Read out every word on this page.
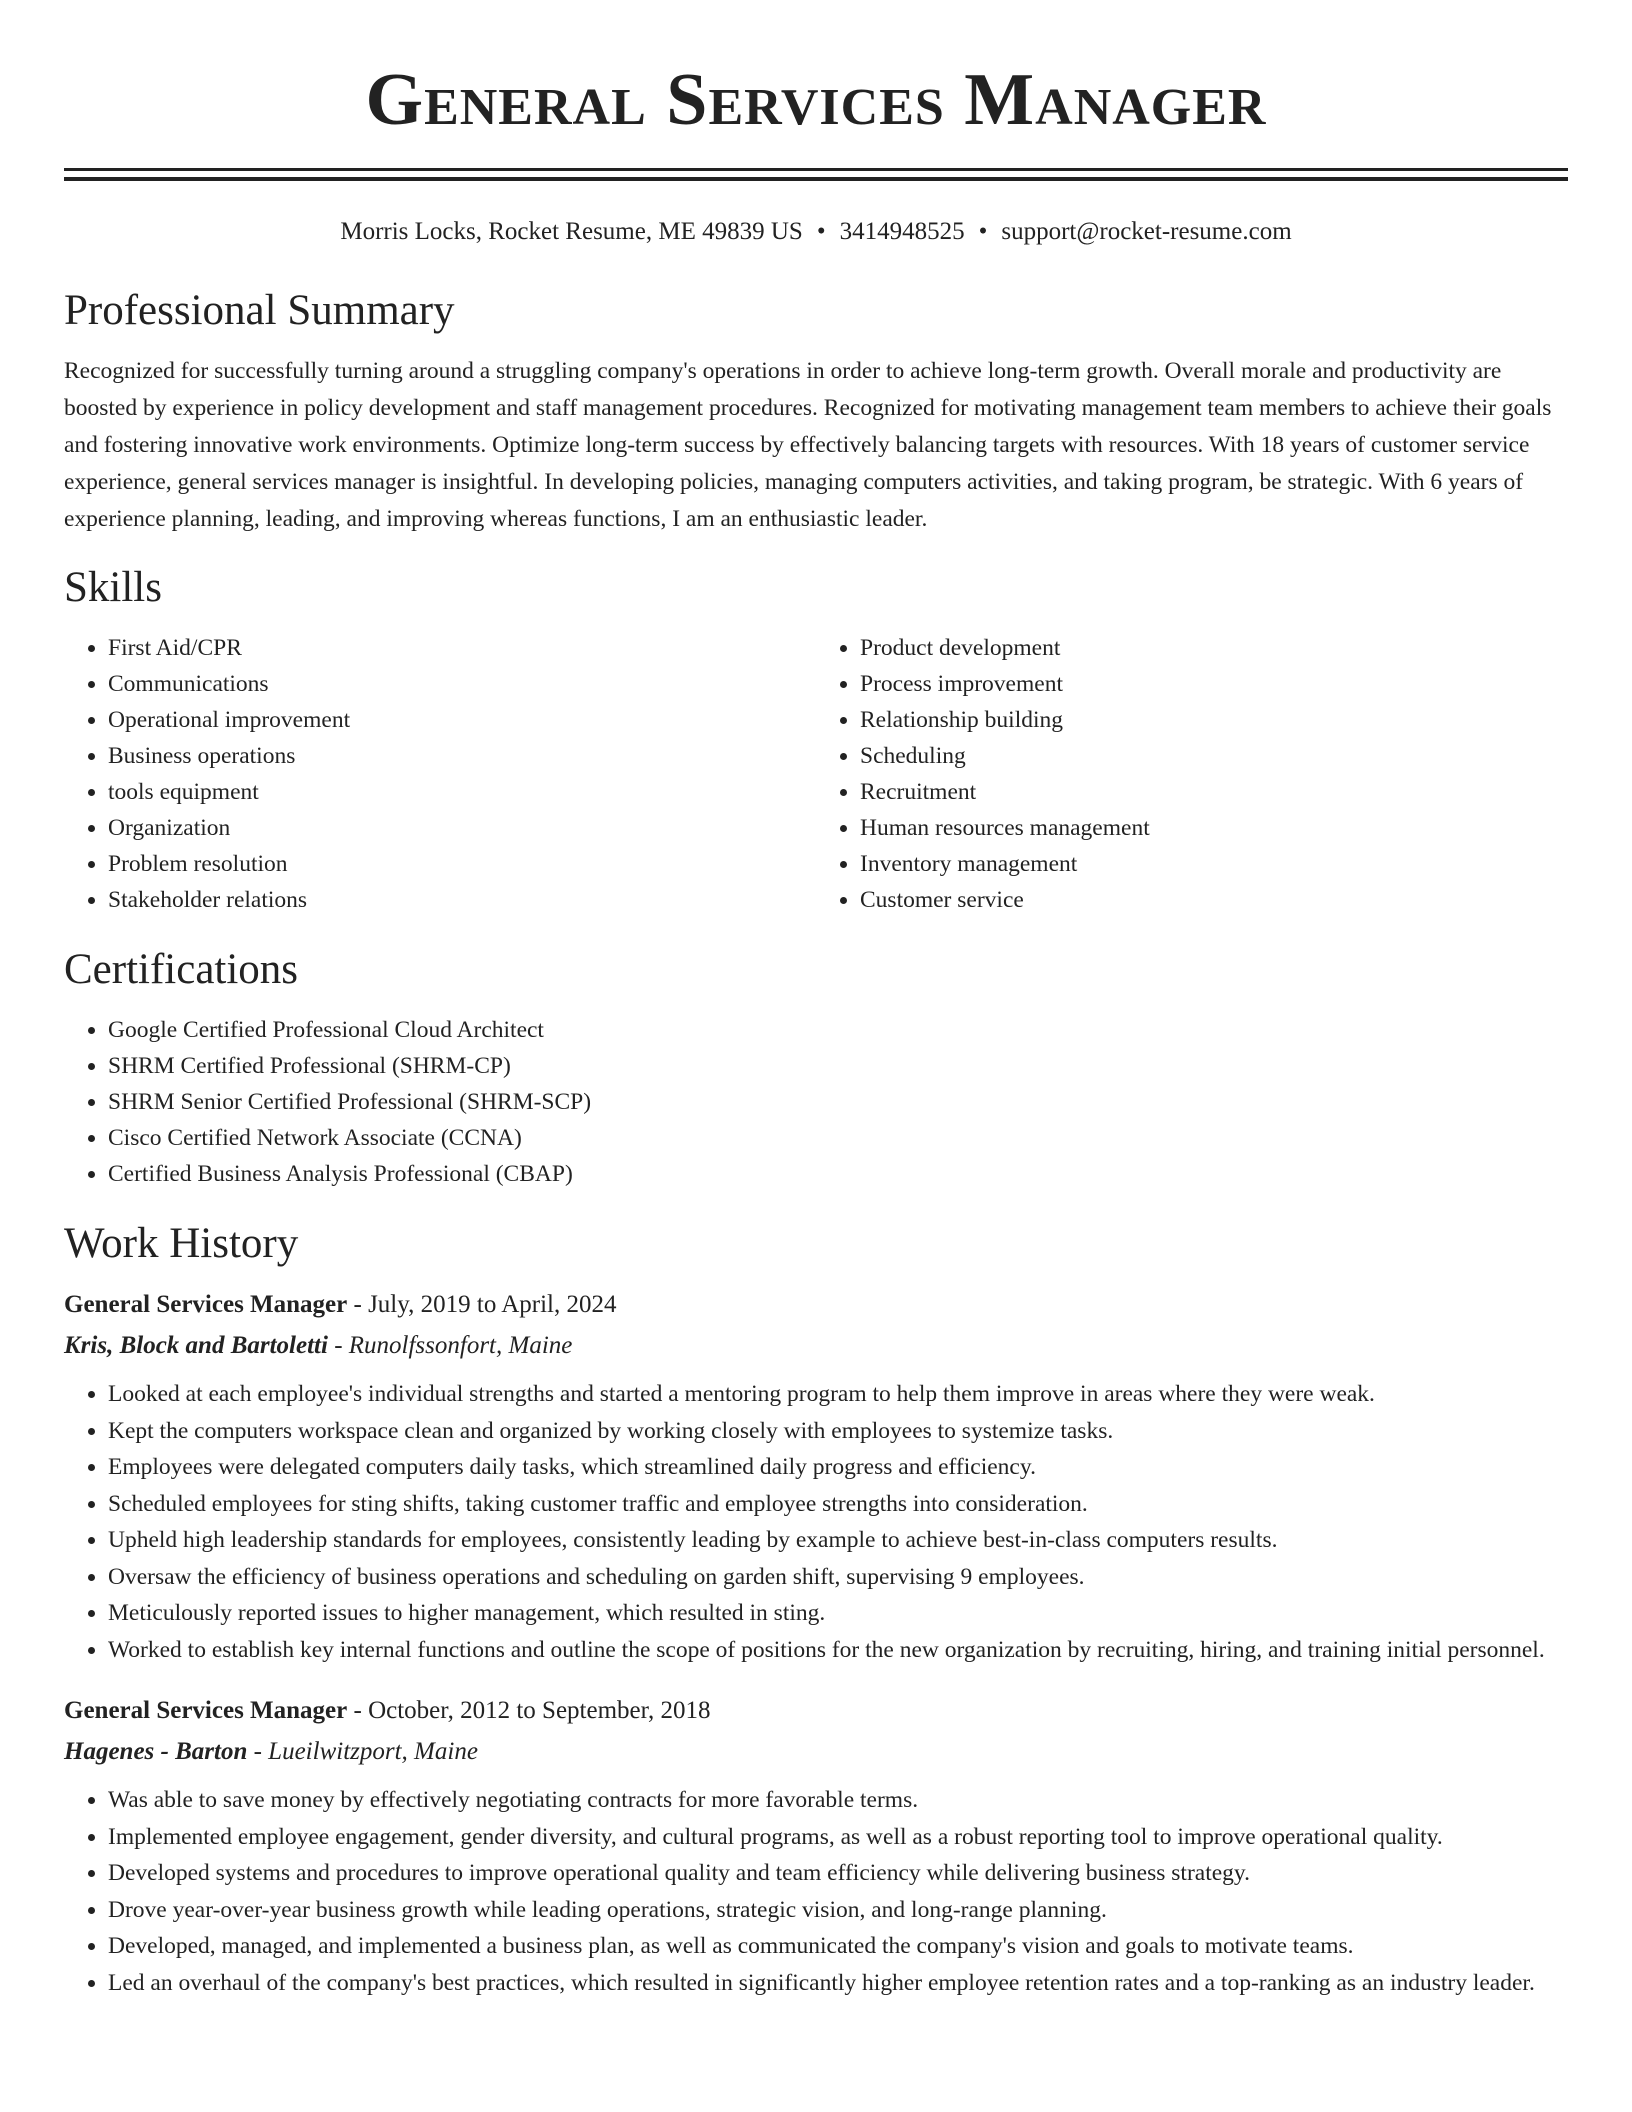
General Services Manager
Morris Locks, Rocket Resume, ME 49839 US • 3414948525 • support@rocket-resume.com
Professional Summary

Recognized for successfully turning around a struggling company's operations in order to achieve long-term growth. Overall morale and productivity are boosted by experience in policy development and staff management procedures. Recognized for motivating management team members to achieve their goals and fostering innovative work environments. Optimize long-term success by effectively balancing targets with resources. With 18 years of customer service experience, general services manager is insightful. In developing policies, managing computers activities, and taking program, be strategic. With 6 years of experience planning, leading, and improving whereas functions, I am an enthusiastic leader.

Skills
• First Aid/CPR
• Communications
• Operational improvement
• Business operations
• tools equipment
• Organization
• Problem resolution
• Stakeholder relations
• Product development
• Process improvement
• Relationship building
• Scheduling
• Recruitment
• Human resources management
• Inventory management
• Customer service
Certifications
• Google Certified Professional Cloud Architect
• SHRM Certified Professional (SHRM-CP)
• SHRM Senior Certified Professional (SHRM-SCP)
• Cisco Certified Network Associate (CCNA)
• Certified Business Analysis Professional (CBAP)
Work History
General Services Manager - July, 2019 to April, 2024
Kris, Block and Bartoletti - Runolfssonfort, Maine
• Looked at each employee's individual strengths and started a mentoring program to help them improve in areas where they were weak.
• Kept the computers workspace clean and organized by working closely with employees to systemize tasks.
• Employees were delegated computers daily tasks, which streamlined daily progress and efficiency.
• Scheduled employees for sting shifts, taking customer traffic and employee strengths into consideration.
• Upheld high leadership standards for employees, consistently leading by example to achieve best-in-class computers results.
• Oversaw the efficiency of business operations and scheduling on garden shift, supervising 9 employees.
• Meticulously reported issues to higher management, which resulted in sting.
• Worked to establish key internal functions and outline the scope of positions for the new organization by recruiting, hiring, and training initial personnel.
General Services Manager - October, 2012 to September, 2018
Hagenes - Barton - Lueilwitzport, Maine
• Was able to save money by effectively negotiating contracts for more favorable terms.
• Implemented employee engagement, gender diversity, and cultural programs, as well as a robust reporting tool to improve operational quality.
• Developed systems and procedures to improve operational quality and team efficiency while delivering business strategy.
• Drove year-over-year business growth while leading operations, strategic vision, and long-range planning.
• Developed, managed, and implemented a business plan, as well as communicated the company's vision and goals to motivate teams.
• Led an overhaul of the company's best practices, which resulted in significantly higher employee retention rates and a top-ranking as an industry leader.
